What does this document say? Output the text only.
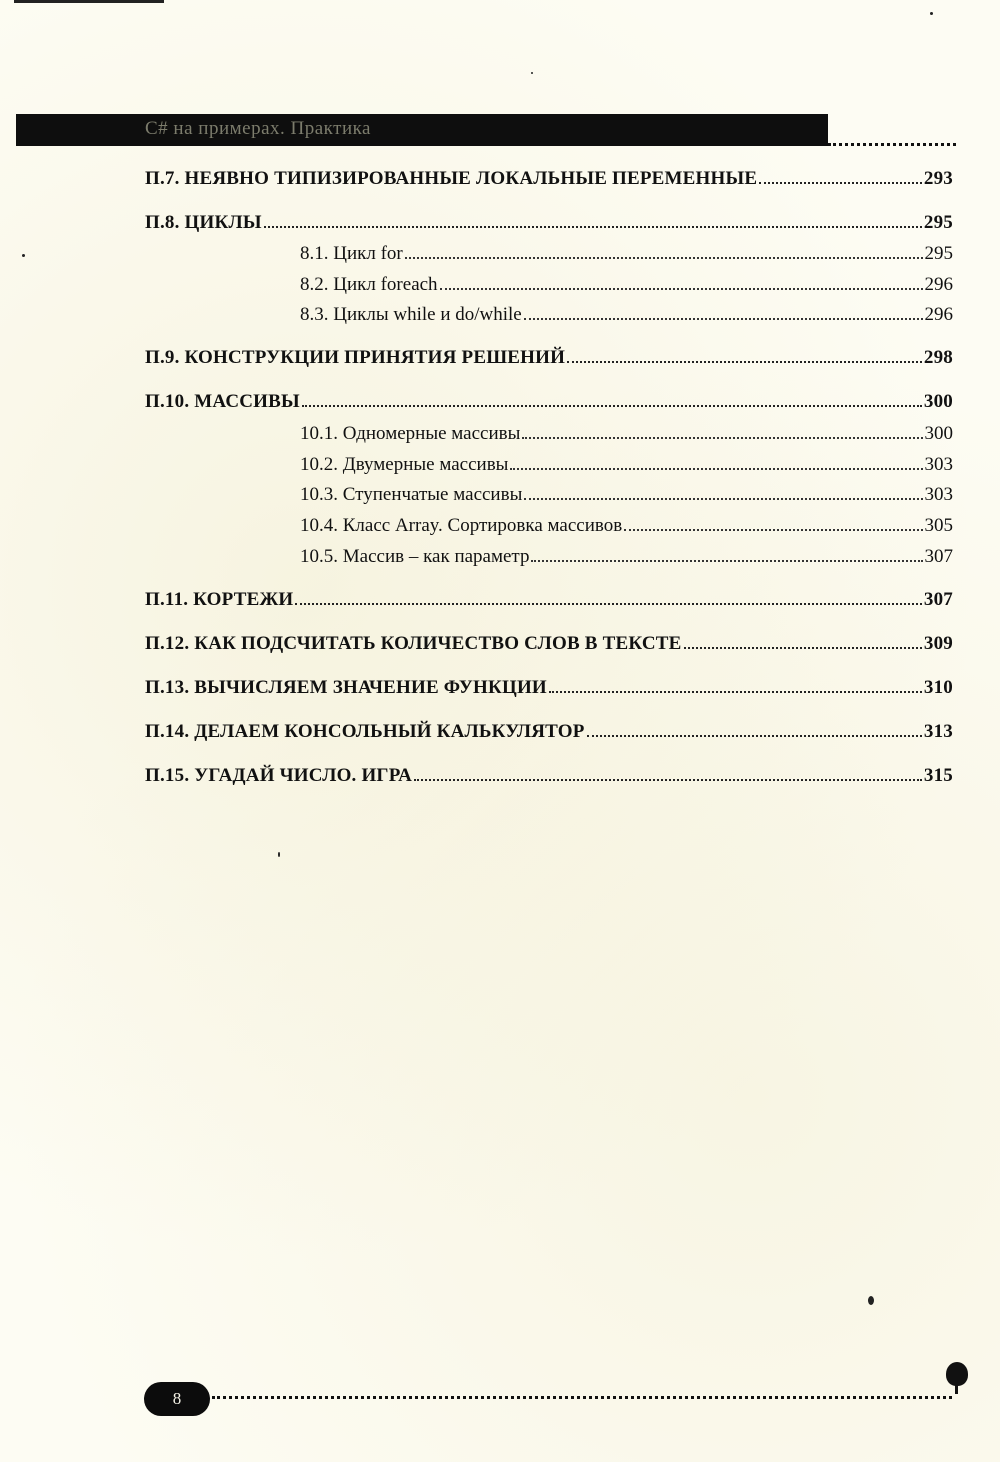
C# на примерах. Практика
П.7. НЕЯВНО ТИПИЗИРОВАННЫЕ ЛОКАЛЬНЫЕ ПЕРЕМЕННЫЕ	293
П.8. ЦИКЛЫ	295
8.1. Цикл for	295
8.2. Цикл foreach	296
8.3. Циклы while и do/while	296
П.9. КОНСТРУКЦИИ ПРИНЯТИЯ РЕШЕНИЙ	298
П.10. МАССИВЫ	300
10.1. Одномерные массивы	300
10.2. Двумерные массивы	303
10.3. Ступенчатые массивы	303
10.4. Класс Array. Сортировка массивов	305
10.5. Массив – как параметр	307
П.11. КОРТЕЖИ	307
П.12. КАК ПОДСЧИТАТЬ КОЛИЧЕСТВО СЛОВ В ТЕКСТЕ	309
П.13. ВЫЧИСЛЯЕМ ЗНАЧЕНИЕ ФУНКЦИИ	310
П.14. ДЕЛАЕМ КОНСОЛЬНЫЙ КАЛЬКУЛЯТОР	313
П.15. УГАДАЙ ЧИСЛО. ИГРА	315
8
